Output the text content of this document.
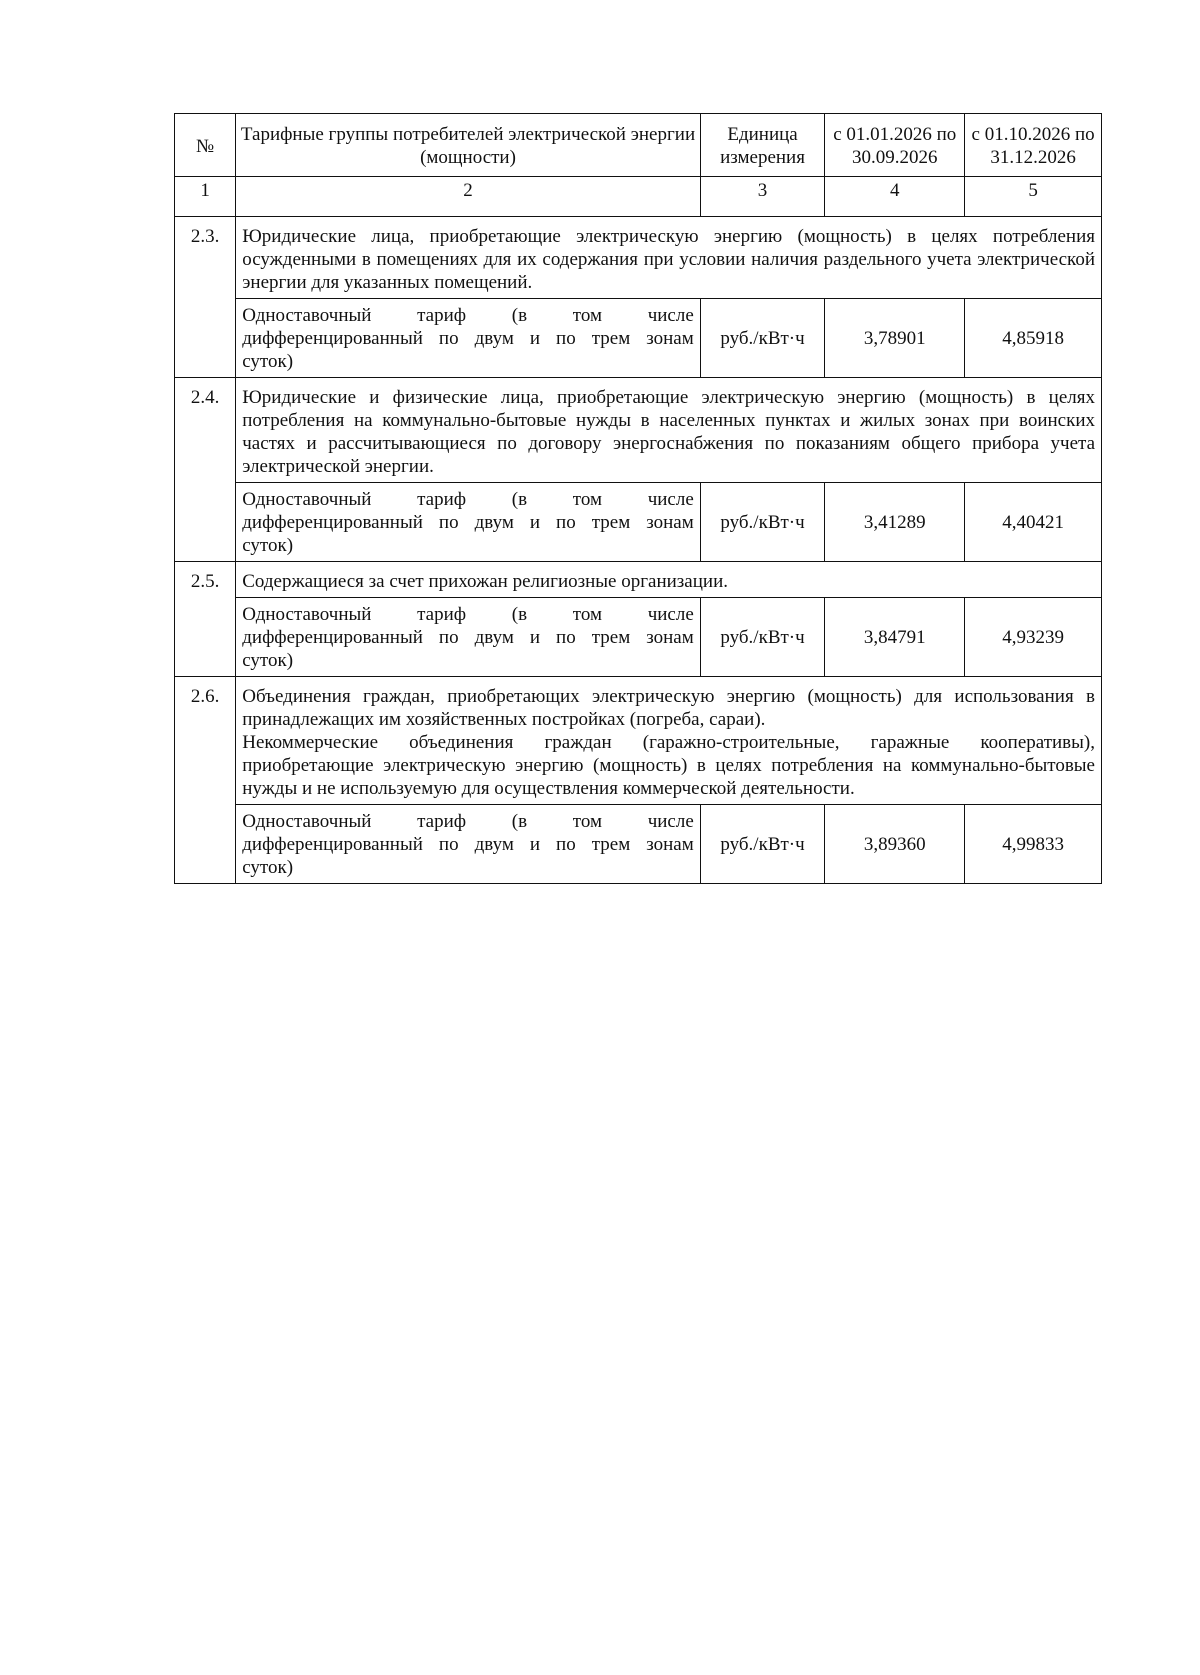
№	Тарифные группы потребителей электрической энергии (мощности)	Единица измерения	с 01.01.2026 по 30.09.2026	с 01.10.2026 по 31.12.2026
1	2	3	4	5
2.3.	Юридические лица, приобретающие электрическую энергию (мощность) в целях потребления осужденными в помещениях для их содержания при условии наличия раздельного учета электрической энергии для указанных помещений.			
	Одноставочный тариф (в том числе дифференцированный по двум и по трем зонам
суток)	руб./кВт·ч	3,78901	4,85918
2.4.	Юридические и физические лица, приобретающие электрическую энергию (мощность) в целях потребления на коммунально-бытовые нужды в населенных пунктах и жилых зонах при воинских частях и рассчитывающиеся по договору энергоснабжения по показаниям общего прибора учета электрической энергии.			
	Одноставочный тариф (в том числе дифференцированный по двум и по трем зонам
суток)	руб./кВт·ч	3,41289	4,40421
2.5.	Содержащиеся за счет прихожан религиозные организации.			
	Одноставочный тариф (в том числе дифференцированный по двум и по трем зонам
суток)	руб./кВт·ч	3,84791	4,93239
2.6.	Объединения граждан, приобретающих электрическую энергию (мощность) для использования в принадлежащих им хозяйственных постройках (погреба, сараи).
Некоммерческие объединения граждан (гаражно-строительные, гаражные кооперативы), приобретающие электрическую энергию (мощность) в целях потребления на коммунально-бытовые нужды и не используемую для осуществления коммерческой деятельности.			

	Одноставочный тариф (в том числе дифференцированный по двум и по трем зонам
суток)	руб./кВт·ч	3,89360	4,99833
